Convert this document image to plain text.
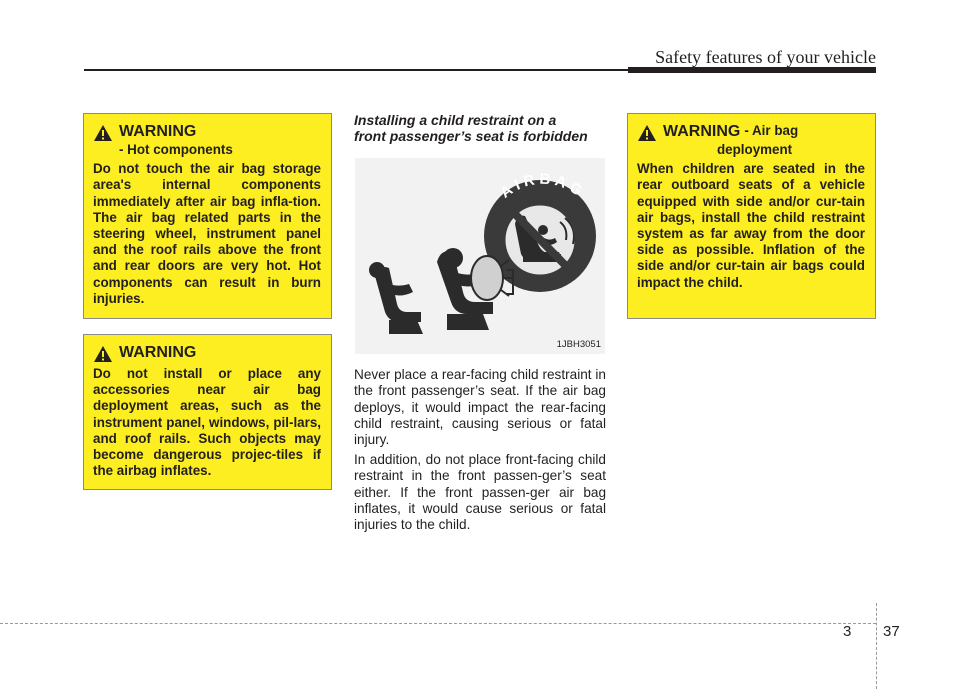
Safety features of your vehicle
WARNING
- Hot components
Do not touch the air bag storage area's internal components immediately after air bag infla-tion. The air bag related parts in the steering wheel, instrument panel and the roof rails above the front and rear doors are very hot. Hot components can result in burn injuries.
WARNING
Do not install or place any accessories near air bag deployment areas, such as the instrument panel, windows, pil-lars, and roof rails. Such objects may become dangerous projec-tiles if the airbag inflates.
Installing a child restraint on a
front passenger’s seat is forbidden
AIRBAG
1JBH3051
Never place a rear-facing child restraint in the front passenger’s seat. If the air bag deploys, it would impact the rear-facing child restraint, causing serious or fatal injury.
In addition, do not place front-facing child restraint in the front passen-ger’s seat either. If the front passen-ger air bag inflates, it would cause serious or fatal injuries to the child.
WARNING - Air bag
deployment
When children are seated in the rear outboard seats of a vehicle equipped with side and/or cur-tain air bags, install the child restraint system as far away from the door side as possible. Inflation of the side and/or cur-tain air bags could impact the child.
3 37
